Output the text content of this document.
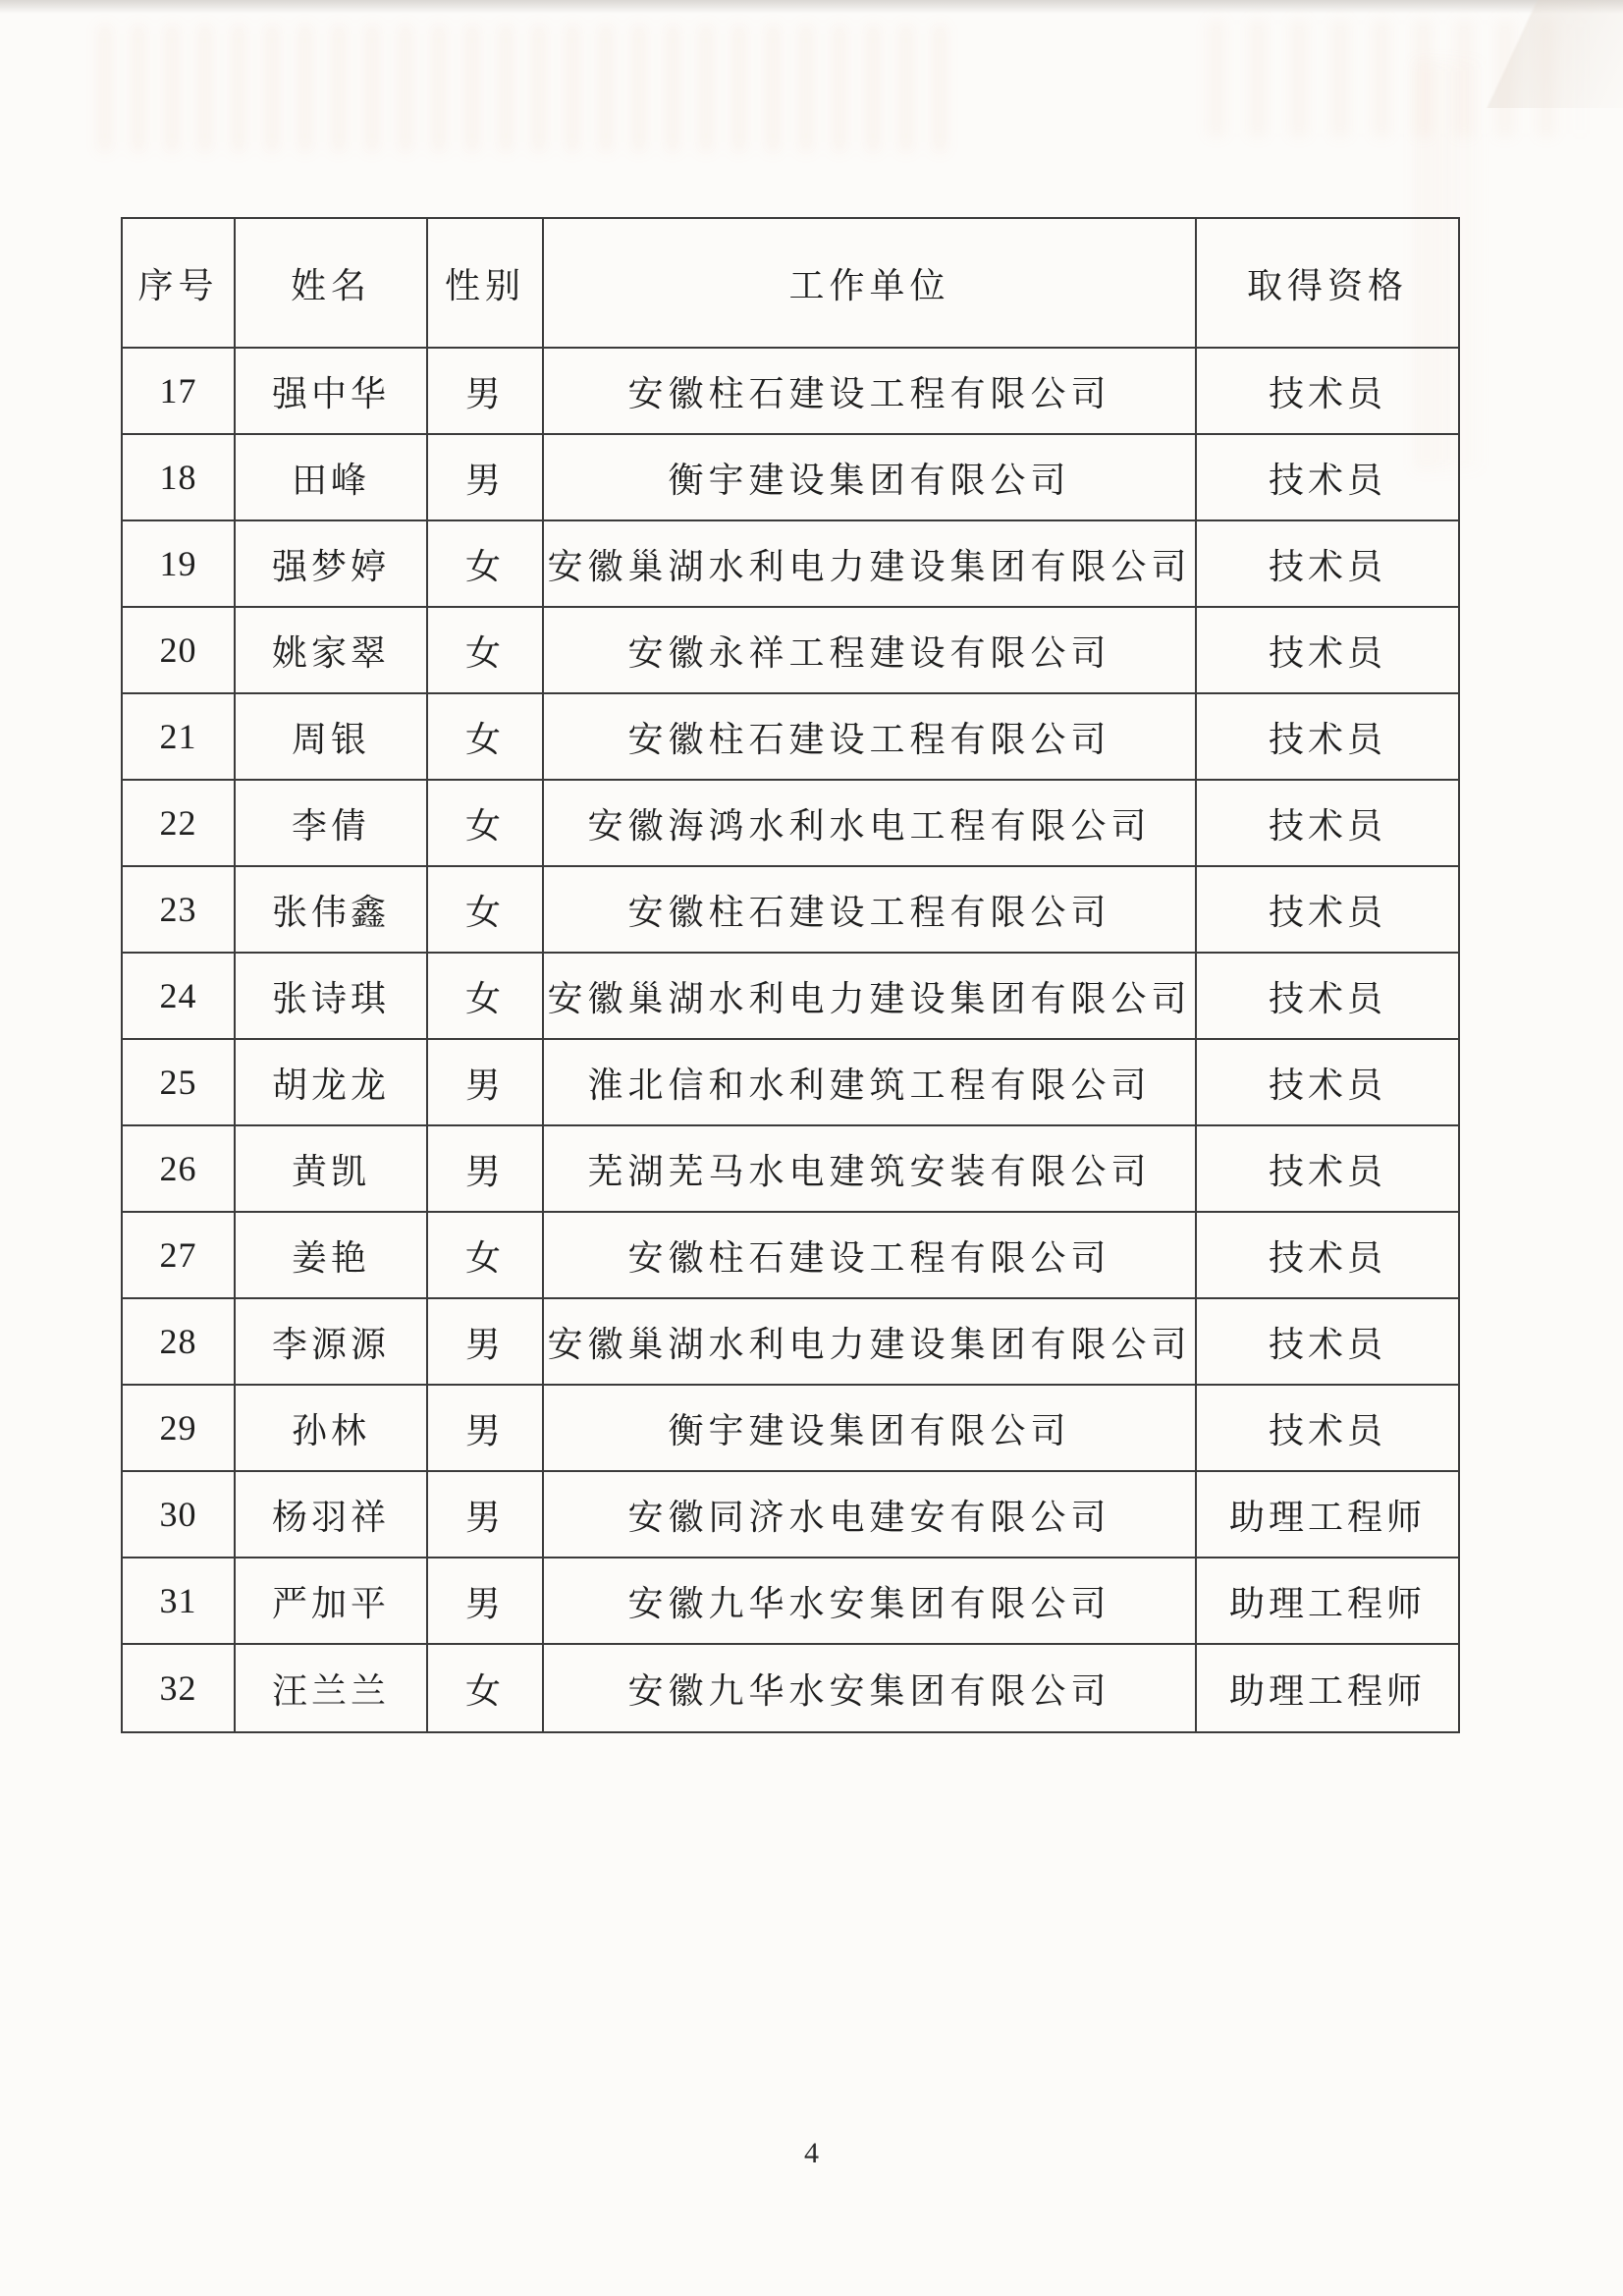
序号	姓名	性别	工作单位	取得资格
17	强中华	男	安徽柱石建设工程有限公司	技术员
18	田峰	男	衡宇建设集团有限公司	技术员
19	强梦婷	女	安徽巢湖水利电力建设集团有限公司	技术员
20	姚家翠	女	安徽永祥工程建设有限公司	技术员
21	周银	女	安徽柱石建设工程有限公司	技术员
22	李倩	女	安徽海鸿水利水电工程有限公司	技术员
23	张伟鑫	女	安徽柱石建设工程有限公司	技术员
24	张诗琪	女	安徽巢湖水利电力建设集团有限公司	技术员
25	胡龙龙	男	淮北信和水利建筑工程有限公司	技术员
26	黄凯	男	芜湖芜马水电建筑安装有限公司	技术员
27	姜艳	女	安徽柱石建设工程有限公司	技术员
28	李源源	男	安徽巢湖水利电力建设集团有限公司	技术员
29	孙林	男	衡宇建设集团有限公司	技术员
30	杨羽祥	男	安徽同济水电建安有限公司	助理工程师
31	严加平	男	安徽九华水安集团有限公司	助理工程师
32	汪兰兰	女	安徽九华水安集团有限公司	助理工程师
4
